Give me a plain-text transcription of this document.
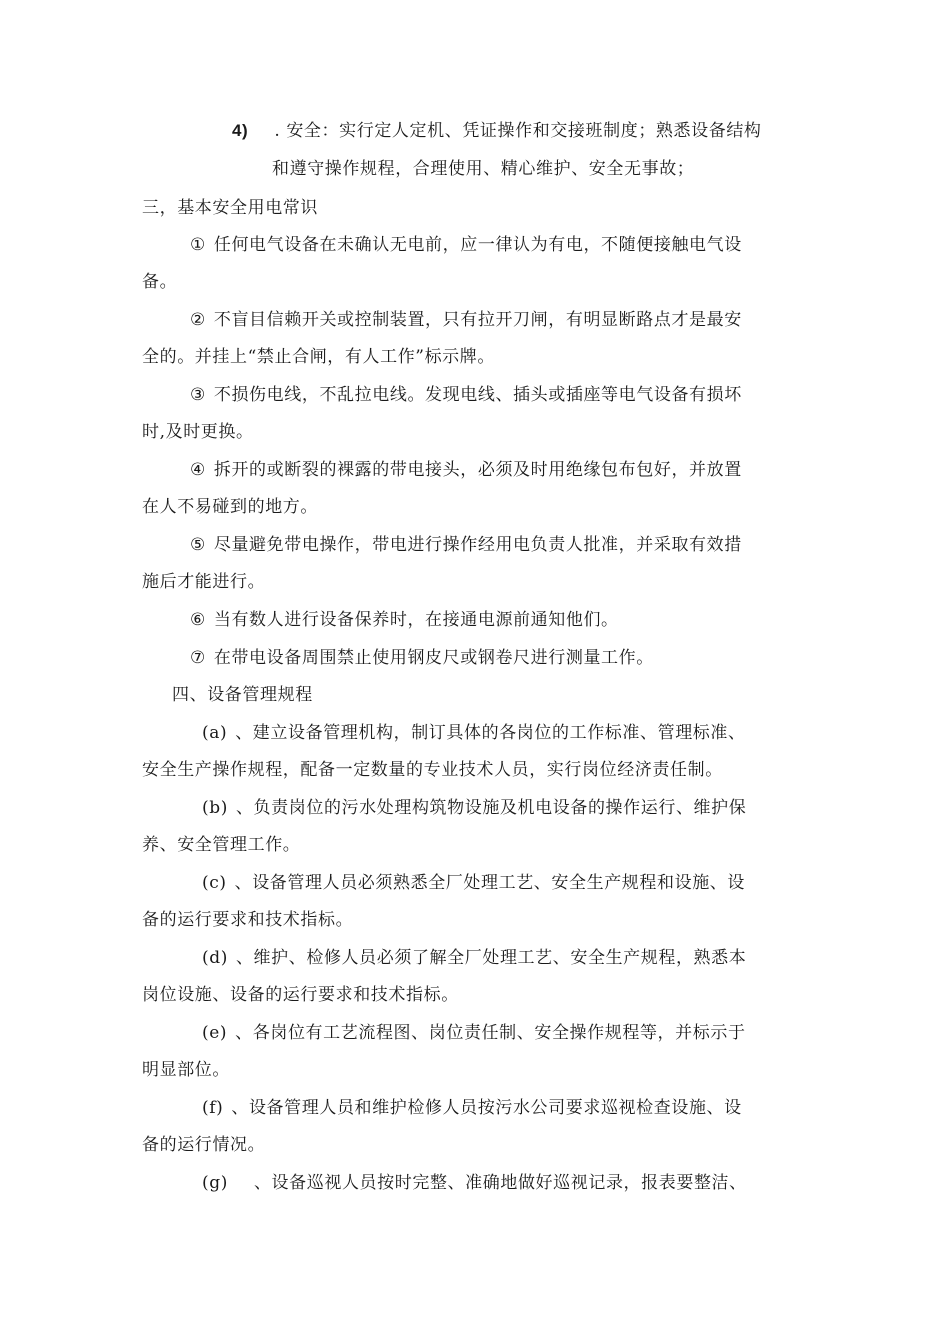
4) . 安全：实行定人定机、凭证操作和交接班制度；熟悉设备结构
和遵守操作规程，合理使用、精心维护、安全无事故；
三，基本安全用电常识
① 任何电气设备在未确认无电前，应一律认为有电，不随便接触电气设
备。
② 不盲目信赖开关或控制装置，只有拉开刀闸，有明显断路点才是最安
全的。并挂上“禁止合闸，有人工作”标示牌。
③ 不损伤电线，不乱拉电线。发现电线、插头或插座等电气设备有损坏
时,及时更换。
④ 拆开的或断裂的裸露的带电接头，必须及时用绝缘包布包好，并放置
在人不易碰到的地方。
⑤ 尽量避免带电操作，带电进行操作经用电负责人批准，并采取有效措
施后才能进行。
⑥ 当有数人进行设备保养时，在接通电源前通知他们。
⑦ 在带电设备周围禁止使用钢皮尺或钢卷尺进行测量工作。
四、设备管理规程
(a) 、建立设备管理机构，制订具体的各岗位的工作标准、管理标准、
安全生产操作规程，配备一定数量的专业技术人员，实行岗位经济责任制。
(b) 、负责岗位的污水处理构筑物设施及机电设备的操作运行、维护保
养、安全管理工作。
(c) 、设备管理人员必须熟悉全厂处理工艺、安全生产规程和设施、设
备的运行要求和技术指标。
(d) 、维护、检修人员必须了解全厂处理工艺、安全生产规程，熟悉本
岗位设施、设备的运行要求和技术指标。
(e) 、各岗位有工艺流程图、岗位责任制、安全操作规程等，并标示于
明显部位。
(f) 、设备管理人员和维护检修人员按污水公司要求巡视检查设施、设
备的运行情况。
(g) 、设备巡视人员按时完整、准确地做好巡视记录，报表要整洁、
